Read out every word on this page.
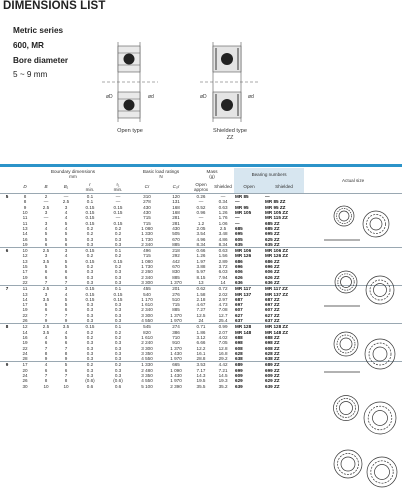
DIMENSIONS LIST
Metric series
600, MR
Bore diameter
5 ~ 9 mm
øD	ød
Open type
øD	ød
Shielded type
ZZ
	Boundary dimensions
mm					Basic load ratings
N		Mass
(g)		Bearing numbers		Actual size
	D	B	B₁	r
min.	r₁
min.	Cr	C₀r	Open
approx	Shielded	Open	Shielded	
5	8	2	—	0.1	—	310	120	0.26	—	MR 85	—	
	8	—	2.5	0.1	—	278	131	—	0.34	—	MR 85 ZZ	
	9	2.5	3	0.15	0.15	430	168	0.52	0.63	MR 95	MR 95 ZZ	
	10	3	4	0.15	0.15	430	168	0.96	1.26	MR 105	MR 105 ZZ	
	11	—	4	0.15	—	715	281	—	1.76	—	MR 115 ZZ	
	11	3	5	0.15	0.15	715	281	1.2	1.06	—	685 ZZ	
	13	4	4	0.2	0.2	1 080	430	2.05	2.5	685	685 ZZ	
	14	5	5	0.2	0.2	1 330	505	3.54	3.48	695	695 ZZ	
	16	5	5	0.3	0.3	1 730	670	4.96	4.86	605	625 ZZ	
	19	6	6	0.3	0.3	2 340	885	8.34	8.34	635	635 ZZ	
6	10	2.5	3	0.15	0.1	496	218	0.66	0.63	MR 106	MR 106 ZZ	
	12	3	4	0.2	0.2	715	292	1.26	1.56	MR 126	MR 126 ZZ	
	13	3.5	5	0.15	0.15	1 080	442	1.97	2.89	686	686 ZZ	
	15	5	5	0.2	0.2	1 730	670	3.88	3.72	696	696 ZZ	
	17	6	6	0.3	0.3	2 260	830	5.97	6.03	606	606 ZZ	
	19	6	6	0.3	0.3	2 340	885	8.15	7.94	626	626 ZZ	
	22	7	7	0.3	0.3	3 300	1 370	13	14	636	636 ZZ	
7	11	2.5	3	0.15	0.1	455	201	0.62	0.72	MR 117	MR 117 ZZ	
	13	3	4	0.15	0.15	540	276	1.58	2.02	MR 137	MR 137 ZZ	
	14	3.5	5	0.15	0.15	1 170	510	2.18	2.97	687	687 ZZ	
	17	5	5	0.3	0.3	1 610	715	4.67	4.73	697	697 ZZ	
	19	6	6	0.3	0.3	2 340	885	7.27	7.08	607	607 ZZ	
	22	7	7	0.3	0.3	3 300	1 370	12.5	12.7	627	627 ZZ	
	26	9	9	0.3	0.3	4 550	1 970	24	25.4	637	637 ZZ	
8	12	2.5	3.5	0.15	0.1	545	274	0.71	0.99	MR 128	MR 128 ZZ	
	14	3.5	4	0.2	0.2	820	386	1.86	2.07	MR 148	MR 148 ZZ	
	16	4	5	0.2	0.2	1 610	710	3.12	4.02	688	688 ZZ	
	19	6	6	0.3	0.3	2 240	910	6.66	7.05	698	698 ZZ	
	22	7	7	0.3	0.3	3 300	1 370	12.2	12.8	608	608 ZZ	
	24	8	8	0.3	0.3	3 350	1 430	16.1	16.8	628	628 ZZ	
	28	9	9	0.3	0.3	4 550	1 970	28.8	29.2	638	638 ZZ	
9	17	4	5	0.2	0.2	1 330	665	3.53	4.42	689	689 ZZ	
	20	6	6	0.3	0.3	2 480	1 090	7.17	7.21	699	699 ZZ	
	24	7	7	0.3	0.3	3 350	1 430	14.3	14.5	609	609 ZZ	
	26	8	8	(0.6)	(0.6)	4 550	1 970	19.5	19.3	629	629 ZZ	
	30	10	10	0.6	0.6	5 100	2 390	35.5	35.2	639	639 ZZ	
